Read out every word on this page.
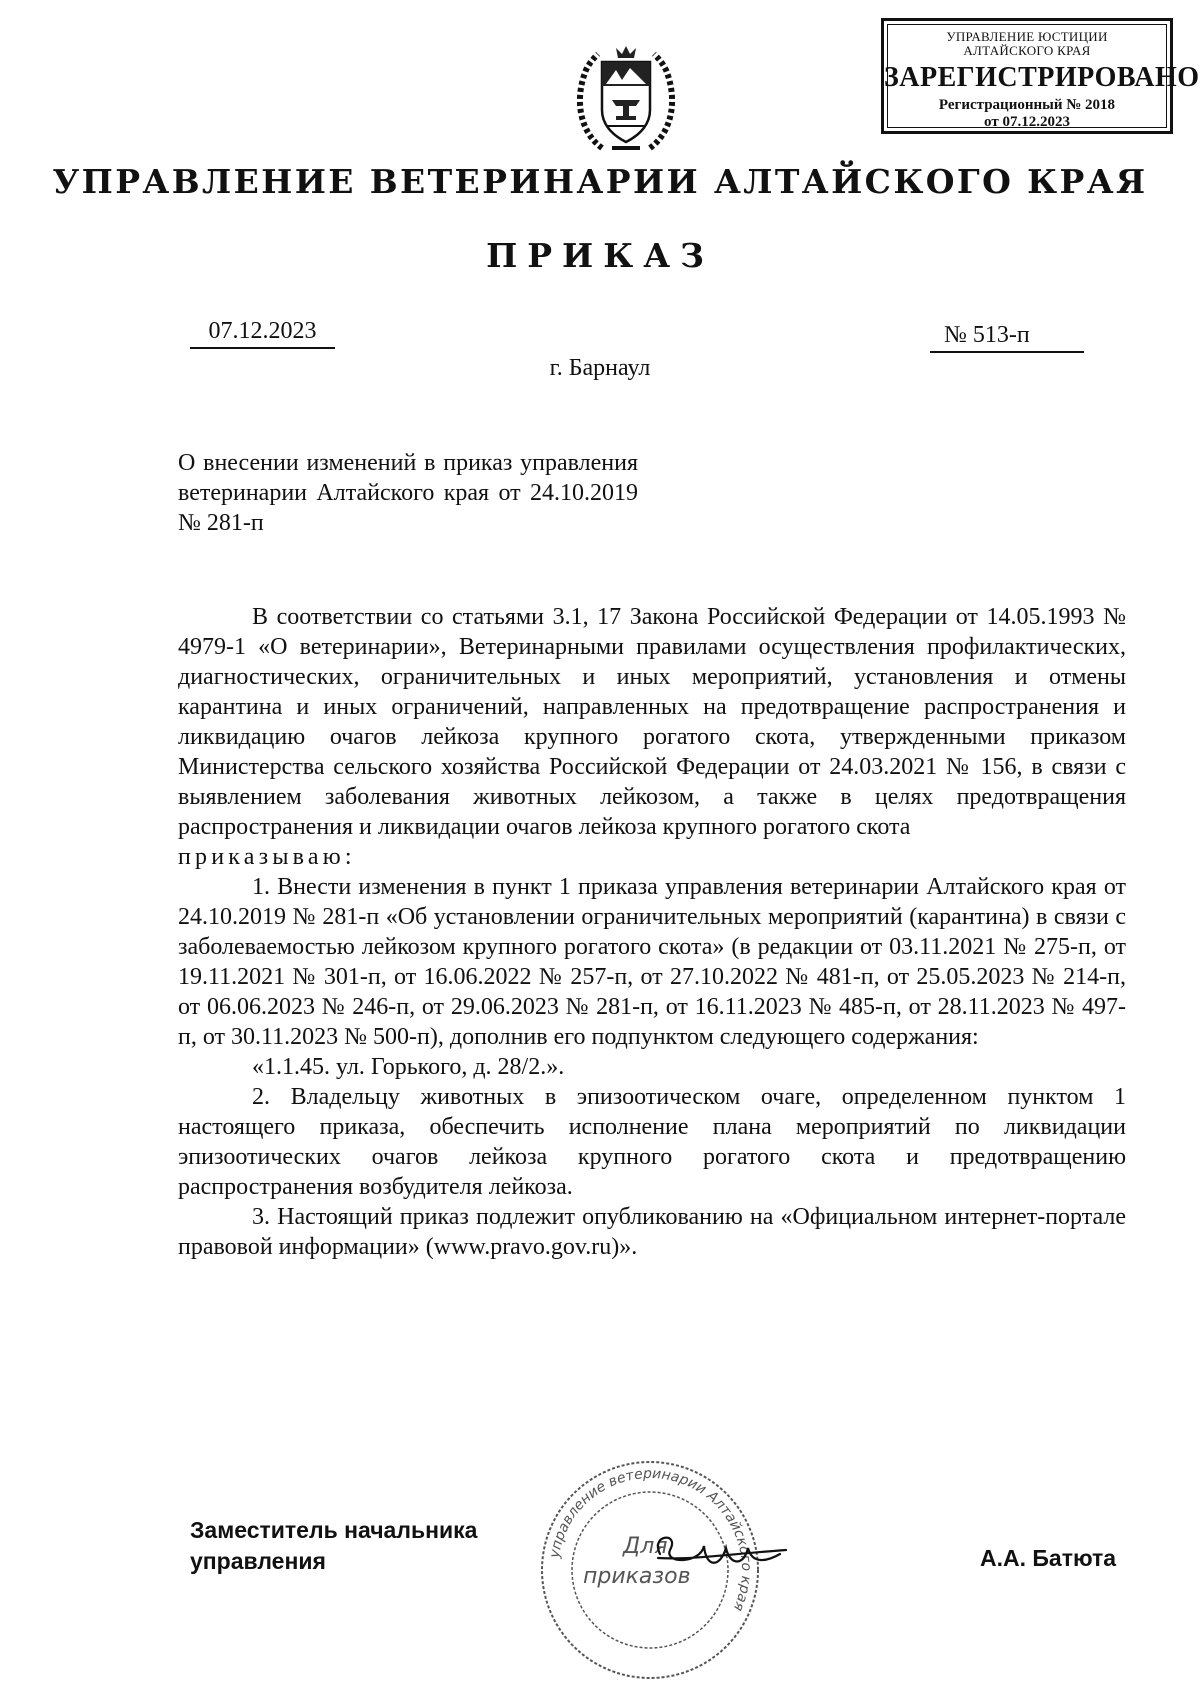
УПРАВЛЕНИЕ ЮСТИЦИИ
АЛТАЙСКОГО КРАЯ
ЗАРЕГИСТРИРОВАНО
Регистрационный № 2018
от 07.12.2023
УПРАВЛЕНИЕ ВЕТЕРИНАРИИ АЛТАЙСКОГО КРАЯ
ПРИКАЗ
07.12.2023	№ 513-п
г. Барнаул
О внесении изменений в приказ управления ветеринарии Алтайского края от 24.10.2019 № 281-п

В соответствии со статьями 3.1, 17 Закона Российской Федерации от 14.05.1993 № 4979-1 «О ветеринарии», Ветеринарными правилами осуществления профилактических, диагностических, ограничительных и иных мероприятий, установления и отмены карантина и иных ограничений, направленных на предотвращение распространения и ликвидацию очагов лейкоза крупного рогатого скота, утвержденными приказом Министерства сельского хозяйства Российской Федерации от 24.03.2021 № 156, в связи с выявлением заболевания животных лейкозом, а также в целях предотвращения распространения и ликвидации очагов лейкоза крупного рогатого скота

приказываю:

1. Внести изменения в пункт 1 приказа управления ветеринарии Алтайского края от 24.10.2019 № 281-п «Об установлении ограничительных мероприятий (карантина) в связи с заболеваемостью лейкозом крупного рогатого скота» (в редакции от 03.11.2021 № 275-п, от 19.11.2021 № 301-п, от 16.06.2022 № 257-п, от 27.10.2022 № 481-п, от 25.05.2023 № 214-п, от 06.06.2023 № 246-п, от 29.06.2023 № 281-п, от 16.11.2023 № 485-п, от 28.11.2023 № 497-п, от 30.11.2023 № 500-п), дополнив его подпунктом следующего содержания:

«1.1.45. ул. Горького, д. 28/2.».

2. Владельцу животных в эпизоотическом очаге, определенном пунктом 1 настоящего приказа, обеспечить исполнение плана мероприятий по ликвидации эпизоотических очагов лейкоза крупного рогатого скота и предотвращению распространения возбудителя лейкоза.

3. Настоящий приказ подлежит опубликованию на «Официальном интернет-портале правовой информации» (www.pravo.gov.ru)».

Заместитель начальника
управления	А.А. Батюта
управление ветеринарии Алтайского края
Для
приказов
